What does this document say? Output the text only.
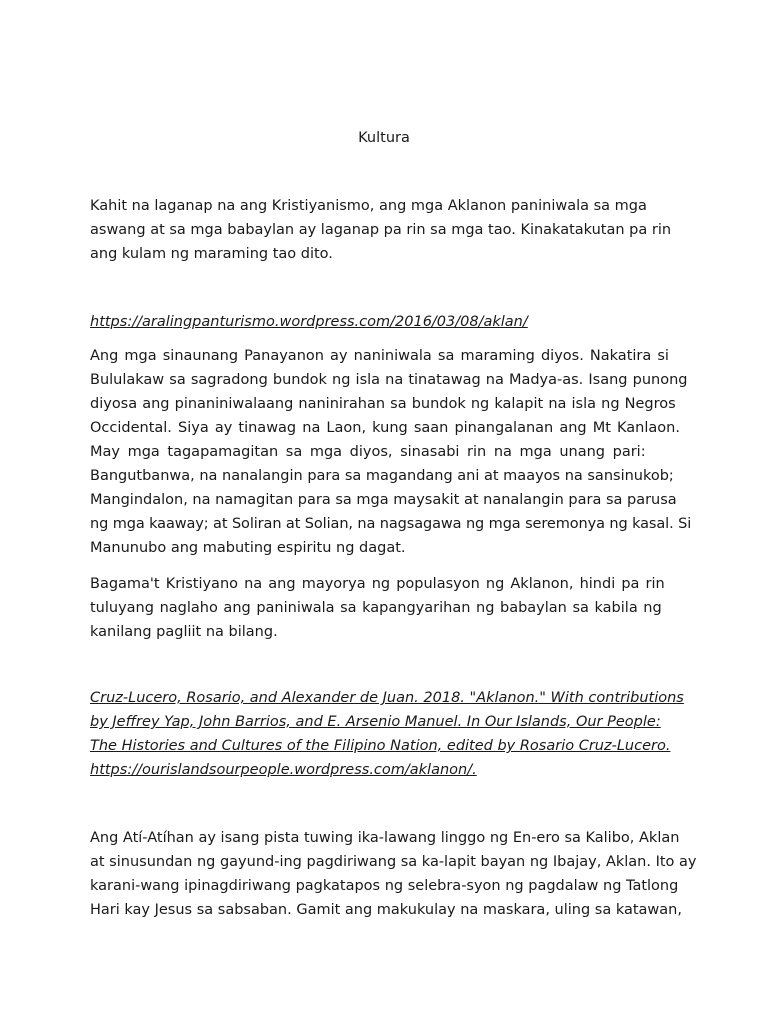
Kultura
Kahit na laganap na ang Kristiyanismo, ang mga Aklanon paniniwala sa mga
aswang at sa mga babaylan ay laganap pa rin sa mga tao. Kinakatakutan pa rin
ang kulam ng maraming tao dito.
https://aralingpanturismo.wordpress.com/2016/03/08/aklan/
Ang mga sinaunang Panayanon ay naniniwala sa maraming diyos. Nakatira si
Bululakaw sa sagradong bundok ng isla na tinatawag na Madya-as. Isang punong
diyosa ang pinaniniwalaang naninirahan sa bundok ng kalapit na isla ng Negros
Occidental. Siya ay tinawag na Laon, kung saan pinangalanan ang Mt Kanlaon.
May mga tagapamagitan sa mga diyos, sinasabi rin na mga unang pari:
Bangutbanwa, na nanalangin para sa magandang ani at maayos na sansinukob;
Mangindalon, na namagitan para sa mga maysakit at nanalangin para sa parusa
ng mga kaaway; at Soliran at Solian, na nagsagawa ng mga seremonya ng kasal. Si
Manunubo ang mabuting espiritu ng dagat.
Bagama't Kristiyano na ang mayorya ng populasyon ng Aklanon, hindi pa rin
tuluyang naglaho ang paniniwala sa kapangyarihan ng babaylan sa kabila ng
kanilang pagliit na bilang.
Cruz-Lucero, Rosario, and Alexander de Juan. 2018. "Aklanon." With contributions
by Jeffrey Yap, John Barrios, and E. Arsenio Manuel. In Our Islands, Our People:
The Histories and Cultures of the Filipino Nation, edited by Rosario Cruz-Lucero.
https://ourislandsourpeople.wordpress.com/aklanon/.
Ang Atí-Atíhan ay isang pista tuwing ika-lawang linggo ng En-ero sa Kalibo, Aklan
at sinusundan ng gayund-ing pagdiriwang sa ka-lapit bayan ng Ibajay, Aklan. Ito ay
karani-wang ipinagdiriwang pagkatapos ng selebra-syon ng pagdalaw ng Tatlong
Hari kay Jesus sa sabsaban. Gamit ang makukulay na maskara, uling sa katawan,
